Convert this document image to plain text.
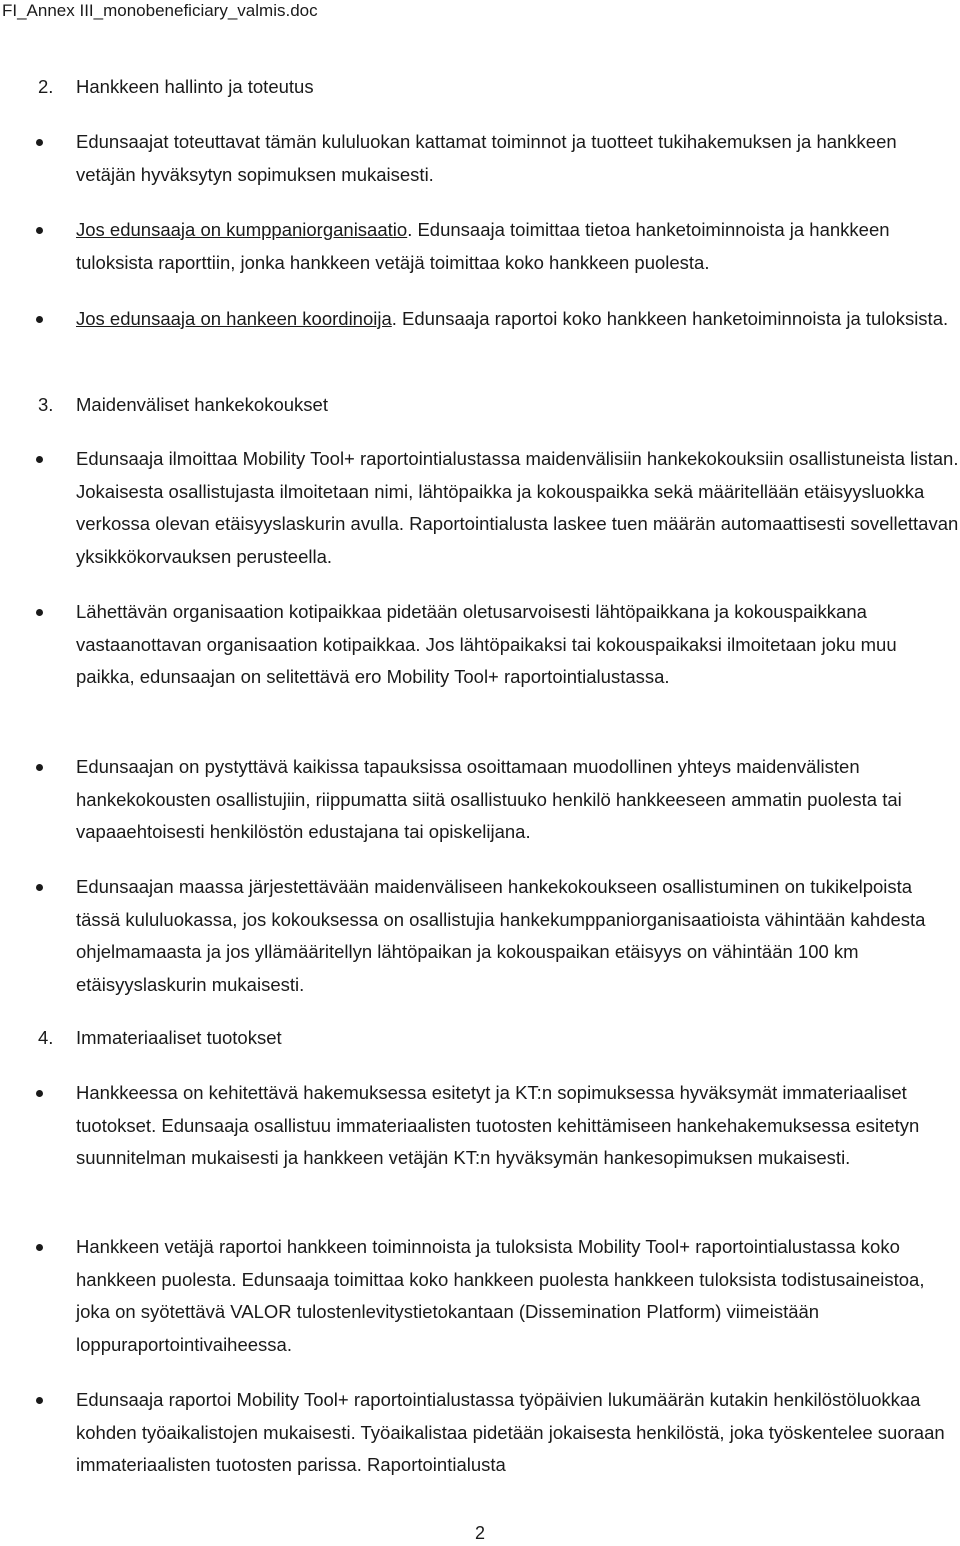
FI_Annex III_monobeneficiary_valmis.doc
2. Hankkeen hallinto ja toteutus
Edunsaajat toteuttavat tämän kululuokan kattamat toiminnot ja tuotteet tukihakemuksen ja hankkeen vetäjän hyväksytyn sopimuksen mukaisesti.
Jos edunsaaja on kumppaniorganisaatio. Edunsaaja toimittaa tietoa hanketoiminnoista ja hankkeen tuloksista raporttiin, jonka hankkeen vetäjä toimittaa koko hankkeen puolesta.
Jos edunsaaja on hankeen koordinoija. Edunsaaja raportoi koko hankkeen hanketoiminnoista ja tuloksista.
3. Maidenväliset hankekokoukset
Edunsaaja ilmoittaa Mobility Tool+ raportointialustassa maidenvälisiin hankekokouksiin osallistuneista listan. Jokaisesta osallistujasta ilmoitetaan nimi, lähtöpaikka ja kokouspaikka sekä määritellään etäisyysluokka verkossa olevan etäisyyslaskurin avulla. Raportointialusta laskee tuen määrän automaattisesti sovellettavan yksikkökorvauksen perusteella.
Lähettävän organisaation kotipaikkaa pidetään oletusarvoisesti lähtöpaikkana ja kokouspaikkana vastaanottavan organisaation kotipaikkaa. Jos lähtöpaikaksi tai kokouspaikaksi ilmoitetaan joku muu paikka, edunsaajan on selitettävä ero Mobility Tool+ raportointialustassa.
Edunsaajan on pystyttävä kaikissa tapauksissa osoittamaan muodollinen yhteys maidenvälisten hankekokousten osallistujiin, riippumatta siitä osallistuuko henkilö hankkeeseen ammatin puolesta tai vapaaehtoisesti henkilöstön edustajana tai opiskelijana.
Edunsaajan maassa järjestettävään maidenväliseen hankekokoukseen osallistuminen on tukikelpoista tässä kululuokassa, jos kokouksessa on osallistujia hankekumppaniorganisaatioista vähintään kahdesta ohjelmamaasta ja jos yllämääritellyn lähtöpaikan ja kokouspaikan etäisyys on vähintään 100 km etäisyyslaskurin mukaisesti.
4. Immateriaaliset tuotokset
Hankkeessa on kehitettävä hakemuksessa esitetyt ja KT:n sopimuksessa hyväksymät immateriaaliset tuotokset. Edunsaaja osallistuu immateriaalisten tuotosten kehittämiseen hankehakemuksessa esitetyn suunnitelman mukaisesti ja hankkeen vetäjän KT:n hyväksymän hankesopimuksen mukaisesti.
Hankkeen vetäjä raportoi hankkeen toiminnoista ja tuloksista Mobility Tool+ raportointialustassa koko hankkeen puolesta. Edunsaaja toimittaa koko hankkeen puolesta hankkeen tuloksista todistusaineistoa, joka on syötettävä VALOR tulostenlevitystietokantaan (Dissemination Platform) viimeistään loppuraportointivaiheessa.
Edunsaaja raportoi Mobility Tool+ raportointialustassa työpäivien lukumäärän kutakin henkilöstöluokkaa kohden työaikalistojen mukaisesti. Työaikalistaa pidetään jokaisesta henkilöstä, joka työskentelee suoraan immateriaalisten tuotosten parissa. Raportointialusta
2
